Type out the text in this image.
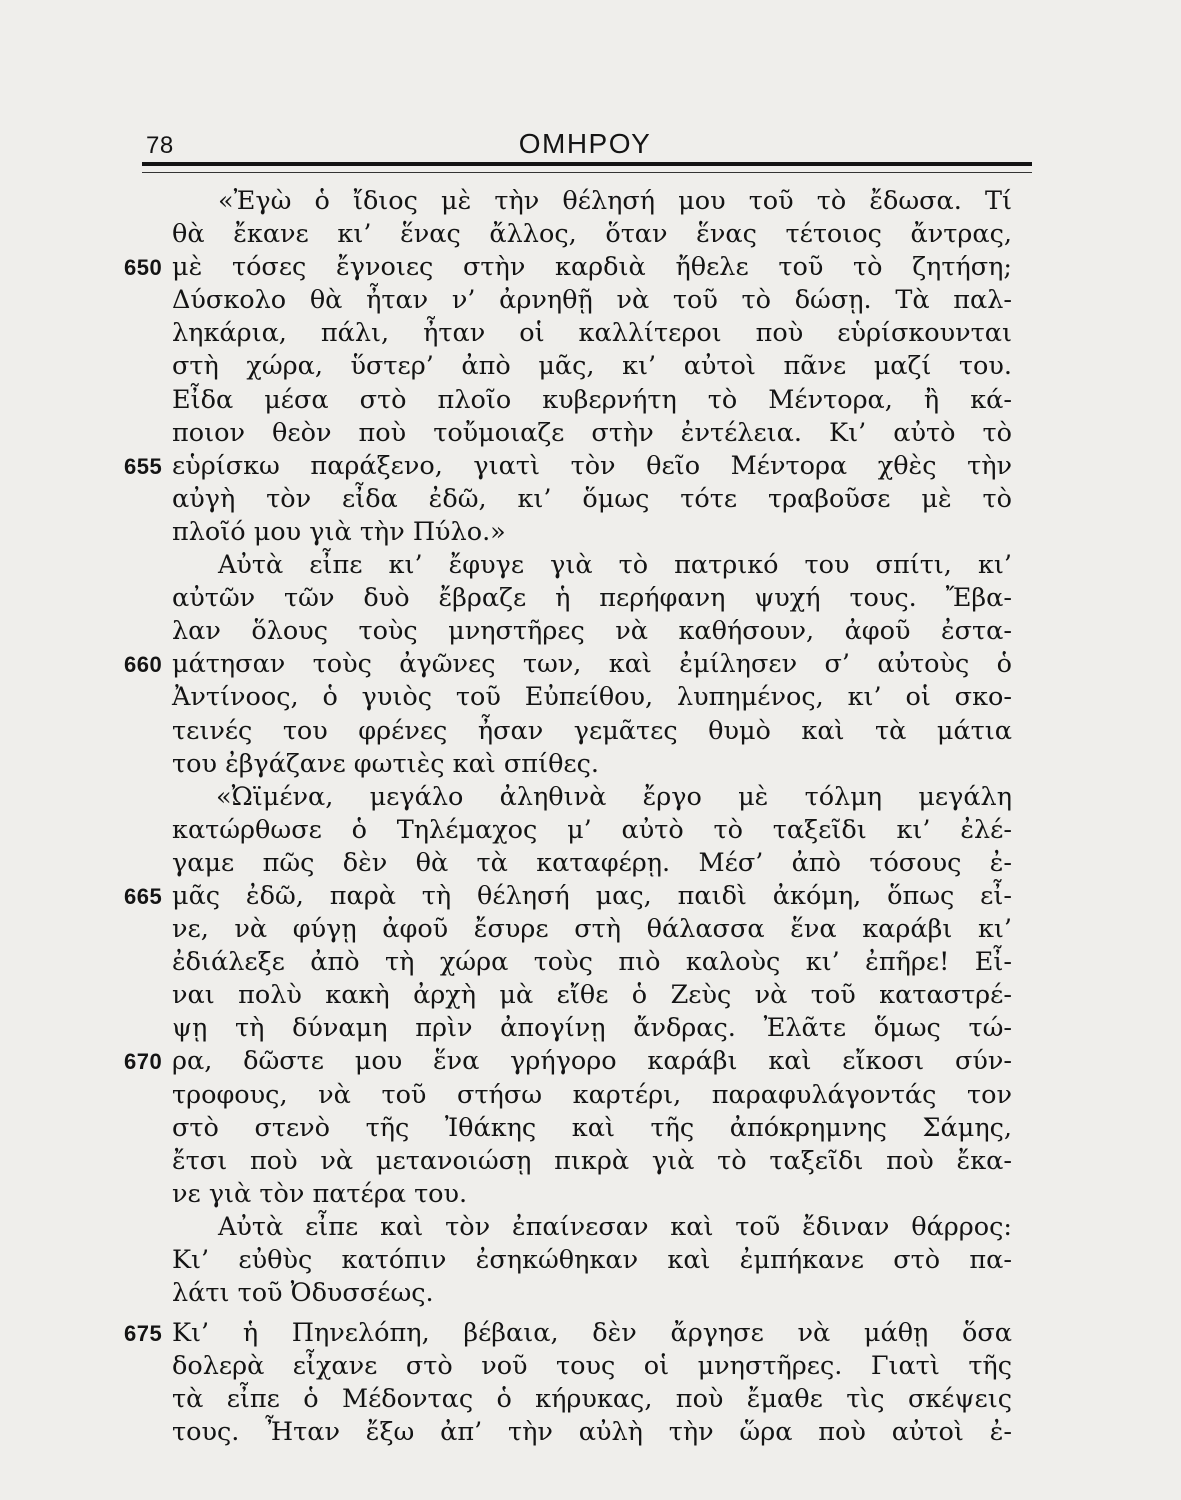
78	ΟΜΗΡΟΥ
«Ἐγὼ ὁ ἴδιος μὲ τὴν θέλησή μου τοῦ τὸ ἔδωσα. Τί
θὰ ἔκανε κι’ ἕνας ἄλλος, ὅταν ἕνας τέτοιος ἄντρας,
650 μὲ τόσες ἔγνοιες στὴν καρδιὰ ἤθελε τοῦ τὸ ζητήση;
Δύσκολο θὰ ἦταν ν’ ἀρνηθῇ νὰ τοῦ τὸ δώσῃ. Τὰ παλ-
ληκάρια, πάλι, ἦταν οἱ καλλίτεροι ποὺ εὑρίσκουνται
στὴ χώρα, ὕστερ’ ἀπὸ μᾶς, κι’ αὐτοὶ πᾶνε μαζί του.
Εἶδα μέσα στὸ πλοῖο κυβερνήτη τὸ Μέντορα, ἢ κά-
ποιον θεὸν ποὺ τοὔμοιαζε στὴν ἐντέλεια. Κι’ αὐτὸ τὸ
655 εὑρίσκω παράξενο, γιατὶ τὸν θεῖο Μέντορα χθὲς τὴν
αὐγὴ τὸν εἶδα ἐδῶ, κι’ ὅμως τότε τραβοῦσε μὲ τὸ
πλοῖό μου γιὰ τὴν Πύλο.»
Αὐτὰ εἶπε κι’ ἔφυγε γιὰ τὸ πατρικό του σπίτι, κι’
αὐτῶν τῶν δυὸ ἔβραζε ἡ περήφανη ψυχή τους. Ἔβα-
λαν ὅλους τοὺς μνηστῆρες νὰ καθήσουν, ἀφοῦ ἐστα-
660 μάτησαν τοὺς ἀγῶνες των, καὶ ἐμίλησεν σ’ αὐτοὺς ὁ
Ἀντίνοος, ὁ γυιὸς τοῦ Εὐπείθου, λυπημένος, κι’ οἱ σκο-
τεινές του φρένες ἦσαν γεμᾶτες θυμὸ καὶ τὰ μάτια
του ἐβγάζανε φωτιὲς καὶ σπίθες.
«Ὠϊμένα, μεγάλο ἀληθινὰ ἔργο μὲ τόλμη μεγάλη
κατώρθωσε ὁ Τηλέμαχος μ’ αὐτὸ τὸ ταξεῖδι κι’ ἐλέ-
γαμε πῶς δὲν θὰ τὰ καταφέρῃ. Μέσ’ ἀπὸ τόσους ἐ-
665 μᾶς ἐδῶ, παρὰ τὴ θέλησή μας, παιδὶ ἀκόμη, ὅπως εἶ-
νε, νὰ φύγῃ ἀφοῦ ἔσυρε στὴ θάλασσα ἕνα καράβι κι’
ἐδιάλεξε ἀπὸ τὴ χώρα τοὺς πιὸ καλοὺς κι’ ἐπῆρε! Εἶ-
ναι πολὺ κακὴ ἀρχὴ μὰ εἴθε ὁ Ζεὺς νὰ τοῦ καταστρέ-
ψῃ τὴ δύναμη πρὶν ἀπογίνῃ ἄνδρας. Ἐλᾶτε ὅμως τώ-
670 ρα, δῶστε μου ἕνα γρήγορο καράβι καὶ εἴκοσι σύν-
τροφους, νὰ τοῦ στήσω καρτέρι, παραφυλάγοντάς τον
στὸ στενὸ τῆς Ἰθάκης καὶ τῆς ἀπόκρημνης Σάμης,
ἔτσι ποὺ νὰ μετανοιώσῃ πικρὰ γιὰ τὸ ταξεῖδι ποὺ ἔκα-
νε γιὰ τὸν πατέρα του.
Αὐτὰ εἶπε καὶ τὸν ἐπαίνεσαν καὶ τοῦ ἔδιναν θάρρος:
Κι’ εὐθὺς κατόπιν ἐσηκώθηκαν καὶ ἐμπήκανε στὸ πα-
λάτι τοῦ Ὀδυσσέως.
675 Κι’ ἡ Πηνελόπη, βέβαια, δὲν ἄργησε νὰ μάθῃ ὅσα
δολερὰ εἶχανε στὸ νοῦ τους οἱ μνηστῆρες. Γιατὶ τῆς
τὰ εἶπε ὁ Μέδοντας ὁ κήρυκας, ποὺ ἔμαθε τὶς σκέψεις
τους. Ἦταν ἔξω ἀπ’ τὴν αὐλὴ τὴν ὥρα ποὺ αὐτοὶ ἐ-
